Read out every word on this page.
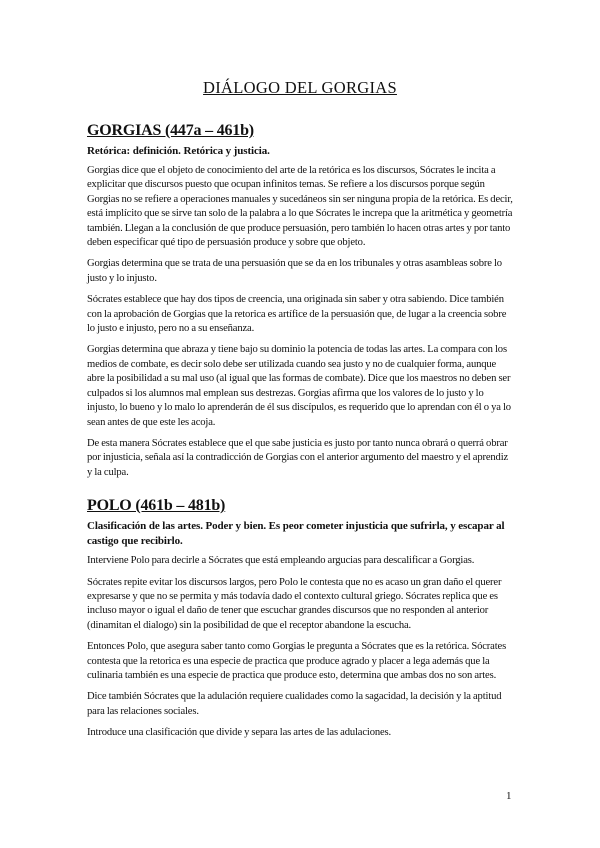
DIÁLOGO DEL GORGIAS
GORGIAS (447a – 461b)

Retórica: definición. Retórica y justicia.

Gorgias dice que el objeto de conocimiento del arte de la retórica es los discursos, Sócrates le incita a explicitar que discursos puesto que ocupan infinitos temas. Se refiere a los discursos porque según Gorgias no se refiere a operaciones manuales y sucedáneos sin ser ninguna propia de la retórica. Es decir, está implícito que se sirve tan solo de la palabra a lo que Sócrates le increpa que la aritmética y geometría también. Llegan a la conclusión de que produce persuasión, pero también lo hacen otras artes y por tanto deben especificar qué tipo de persuasión produce y sobre que objeto.

Gorgias determina que se trata de una persuasión que se da en los tribunales y otras asambleas sobre lo justo y lo injusto.

Sócrates establece que hay dos tipos de creencia, una originada sin saber y otra sabiendo. Dice también con la aprobación de Gorgias que la retorica es artífice de la persuasión que, de lugar a la creencia sobre lo justo e injusto, pero no a su enseñanza.

Gorgias determina que abraza y tiene bajo su dominio la potencia de todas las artes. La compara con los medios de combate, es decir solo debe ser utilizada cuando sea justo y no de cualquier forma, aunque abre la posibilidad a su mal uso (al igual que las formas de combate). Dice que los maestros no deben ser culpados si los alumnos mal emplean sus destrezas. Gorgias afirma que los valores de lo justo y lo injusto, lo bueno y lo malo lo aprenderán de él sus discípulos, es requerido que lo aprendan con él o ya lo sean antes de que este les acoja.

De esta manera Sócrates establece que el que sabe justicia es justo por tanto nunca obrará o querrá obrar por injusticia, señala así la contradicción de Gorgias con el anterior argumento del maestro y el aprendiz y la culpa.

POLO (461b – 481b)

Clasificación de las artes. Poder y bien. Es peor cometer injusticia que sufrirla, y escapar al castigo que recibirlo.

Interviene Polo para decirle a Sócrates que está empleando argucias para descalificar a Gorgias.

Sócrates repite evitar los discursos largos, pero Polo le contesta que no es acaso un gran daño el querer expresarse y que no se permita y más todavía dado el contexto cultural griego. Sócrates replica que es incluso mayor o igual el daño de tener que escuchar grandes discursos que no responden al anterior (dinamitan el dialogo) sin la posibilidad de que el receptor abandone la escucha.

Entonces Polo, que asegura saber tanto como Gorgias le pregunta a Sócrates que es la retórica. Sócrates contesta que la retorica es una especie de practica que produce agrado y placer a lega además que la culinaria también es una especie de practica que produce esto, determina que ambas dos no son artes.

Dice también Sócrates que la adulación requiere cualidades como la sagacidad, la decisión y la aptitud para las relaciones sociales.

Introduce una clasificación que divide y separa las artes de las adulaciones.

1
